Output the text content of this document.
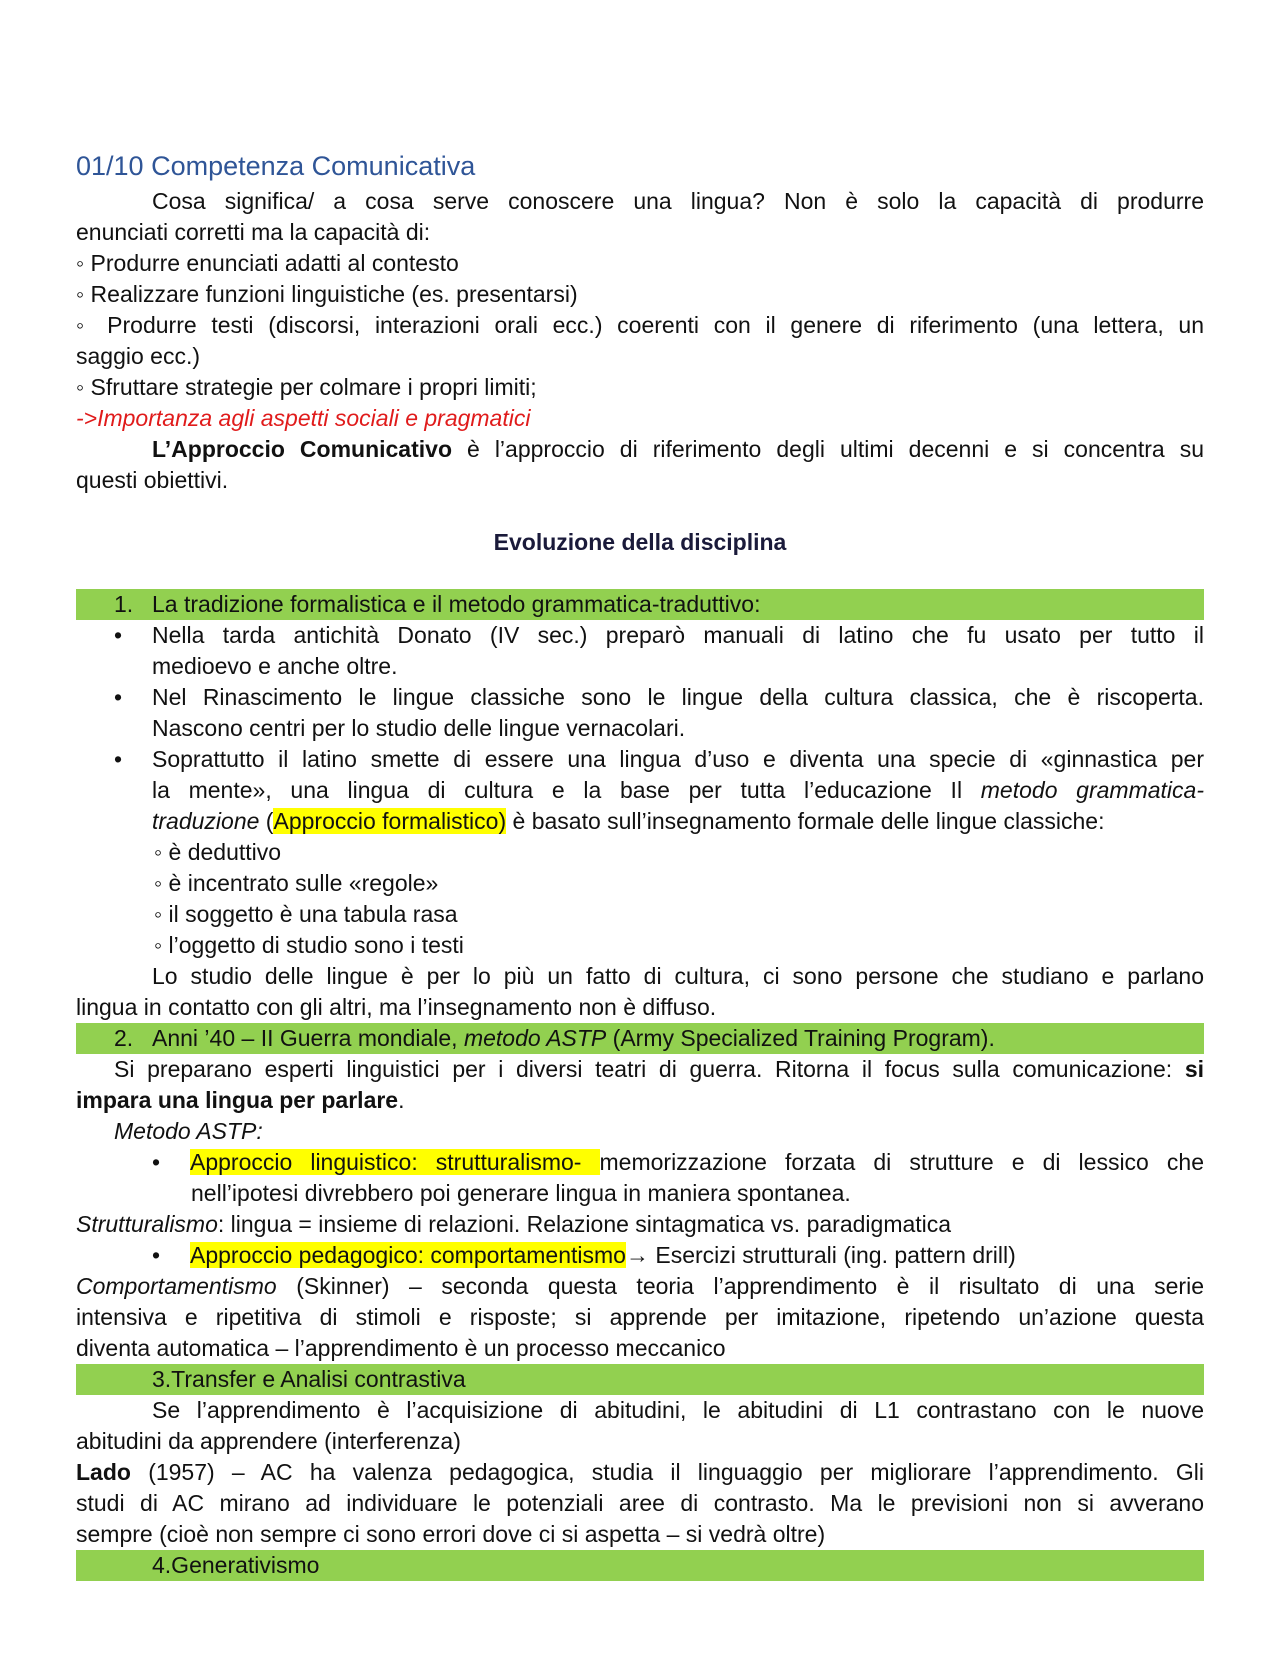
01/10 Competenza Comunicativa
Cosa significa/ a cosa serve conoscere una lingua? Non è solo la capacità di produrre
enunciati corretti ma la capacità di:
◦ Produrre enunciati adatti al contesto
◦ Realizzare funzioni linguistiche (es. presentarsi)
◦ Produrre testi (discorsi, interazioni orali ecc.) coerenti con il genere di riferimento (una lettera, un
saggio ecc.)
◦ Sfruttare strategie per colmare i propri limiti;
->Importanza agli aspetti sociali e pragmatici
L’Approccio Comunicativo è l’approccio di riferimento degli ultimi decenni e si concentra su
questi obiettivi.
Evoluzione della disciplina
1. La tradizione formalistica e il metodo grammatica-traduttivo:
• Nella tarda antichità Donato (IV sec.) preparò manuali di latino che fu usato per tutto il
medioevo e anche oltre.
• Nel Rinascimento le lingue classiche sono le lingue della cultura classica, che è riscoperta.
Nascono centri per lo studio delle lingue vernacolari.
• Soprattutto il latino smette di essere una lingua d’uso e diventa una specie di «ginnastica per
la mente», una lingua di cultura e la base per tutta l’educazione Il metodo grammatica-
traduzione (Approccio formalistico) è basato sull’insegnamento formale delle lingue classiche:
◦ è deduttivo
◦ è incentrato sulle «regole»
◦ il soggetto è una tabula rasa
◦ l’oggetto di studio sono i testi
Lo studio delle lingue è per lo più un fatto di cultura, ci sono persone che studiano e parlano
lingua in contatto con gli altri, ma l’insegnamento non è diffuso.
2. Anni ’40 – II Guerra mondiale, metodo ASTP (Army Specialized Training Program).
Si preparano esperti linguistici per i diversi teatri di guerra. Ritorna il focus sulla comunicazione: si
impara una lingua per parlare.
Metodo ASTP:
• Approccio linguistico: strutturalismo- memorizzazione forzata di strutture e di lessico che
nell’ipotesi divrebbero poi generare lingua in maniera spontanea.
Strutturalismo: lingua = insieme di relazioni. Relazione sintagmatica vs. paradigmatica
• Approccio pedagogico: comportamentismo→ Esercizi strutturali (ing. pattern drill)
Comportamentismo (Skinner) – seconda questa teoria l’apprendimento è il risultato di una serie
intensiva e ripetitiva di stimoli e risposte; si apprende per imitazione, ripetendo un’azione questa
diventa automatica – l’apprendimento è un processo meccanico
3.Transfer e Analisi contrastiva
Se l’apprendimento è l’acquisizione di abitudini, le abitudini di L1 contrastano con le nuove
abitudini da apprendere (interferenza)
Lado (1957) – AC ha valenza pedagogica, studia il linguaggio per migliorare l’apprendimento. Gli
studi di AC mirano ad individuare le potenziali aree di contrasto. Ma le previsioni non si avverano
sempre (cioè non sempre ci sono errori dove ci si aspetta – si vedrà oltre)
4.Generativismo
